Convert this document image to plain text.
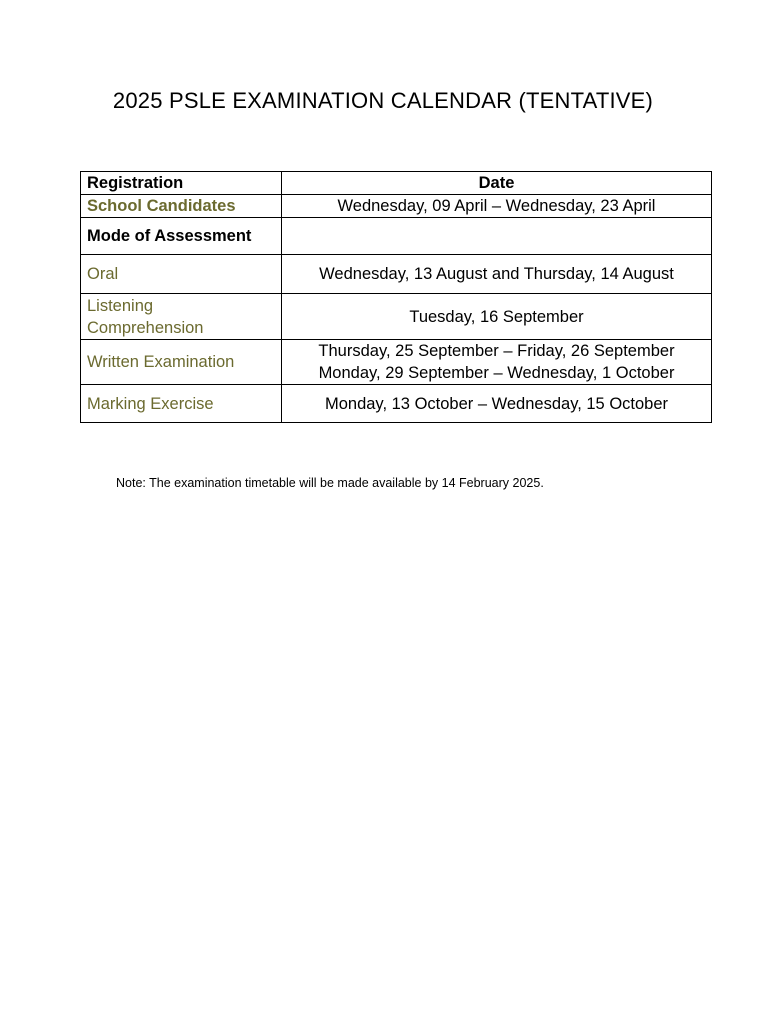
2025 PSLE EXAMINATION CALENDAR (TENTATIVE)
Registration	Date
School Candidates	Wednesday, 09 April – Wednesday, 23 April
Mode of Assessment	
Oral	Wednesday, 13 August and Thursday, 14 August

Listening
Comprehension	Tuesday, 16 September
Written Examination	Thursday, 25 September – Friday, 26 September
Monday, 29 September – Wednesday, 1 October

Marking Exercise	Monday, 13 October – Wednesday, 15 October
Note: The examination timetable will be made available by 14 February 2025.
